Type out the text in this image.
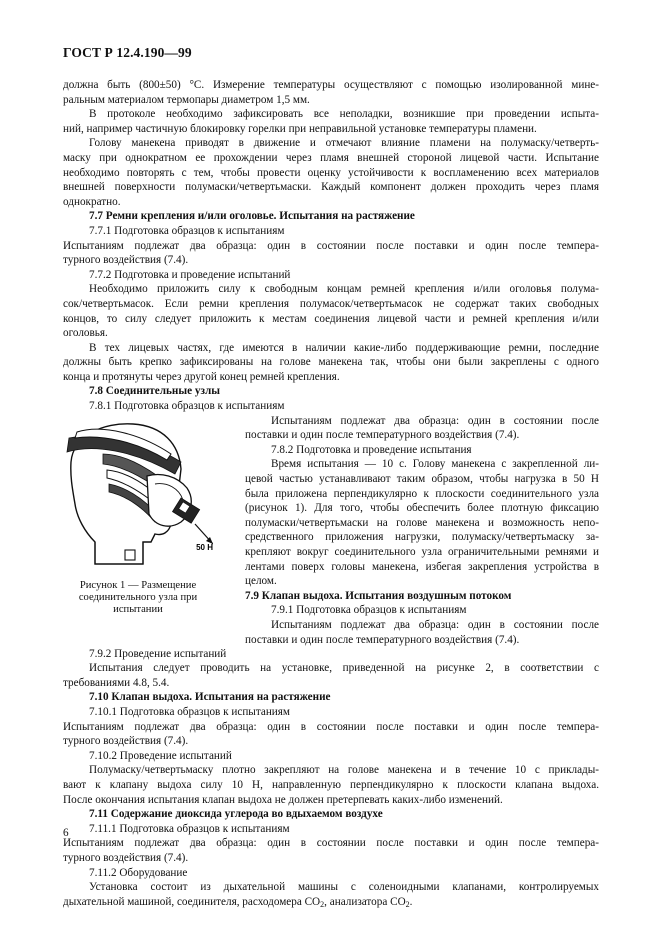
ГОСТ Р 12.4.190—99
должна быть (800±50) °С. Измерение температуры осуществляют с помощью изолированной мине-
ральным материалом термопары диаметром 1,5 мм.
В протоколе необходимо зафиксировать все неполадки, возникшие при проведении испыта-
ний, например частичную блокировку горелки при неправильной установке температуры пламени.
Голову манекена приводят в движение и отмечают влияние пламени на полумаску/четверть-
маску при однократном ее прохождении через пламя внешней стороной лицевой части. Испытание
необходимо повторять с тем, чтобы провести оценку устойчивости к воспламенению всех материалов
внешней поверхности полумаски/четвертьмаски. Каждый компонент должен проходить через пламя
однократно.
7.7 Ремни крепления и/или оголовье. Испытания на растяжение
7.7.1 Подготовка образцов к испытаниям
Испытаниям подлежат два образца: один в состоянии после поставки и один после темпера-
турного воздействия (7.4).
7.7.2 Подготовка и проведение испытаний
Необходимо приложить силу к свободным концам ремней крепления и/или оголовья полума-
сок/четвертьмасок. Если ремни крепления полумасок/четвертьмасок не содержат таких свободных
концов, то силу следует приложить к местам соединения лицевой части и ремней крепления и/или
оголовья.
В тех лицевых частях, где имеются в наличии какие-либо поддерживающие ремни, последние
должны быть крепко зафиксированы на голове манекена так, чтобы они были закреплены с одного
конца и протянуты через другой конец ремней крепления.
7.8 Соединительные узлы
7.8.1 Подготовка образцов к испытаниям
50 Н
Рисунок 1 — Размещение соединительного узла при испытании
Испытаниям подлежат два образца: один в состоянии после
поставки и один после температурного воздействия (7.4).
7.8.2 Подготовка и проведение испытания
Время испытания — 10 с. Голову манекена с закрепленной ли-
цевой частью устанавливают таким образом, чтобы нагрузка в 50 Н
была приложена перпендикулярно к плоскости соединительного узла
(рисунок 1). Для того, чтобы обеспечить более плотную фиксацию
полумаски/четвертьмаски на голове манекена и возможность непо-
средственного приложения нагрузки, полумаску/четвертьмаску за-
крепляют вокруг соединительного узла ограничительными ремнями и
лентами поверх головы манекена, избегая закрепления устройства в
целом.
7.9 Клапан выдоха. Испытания воздушным потоком
7.9.1 Подготовка образцов к испытаниям
Испытаниям подлежат два образца: один в состоянии после
поставки и один после температурного воздействия (7.4).
7.9.2 Проведение испытаний
Испытания следует проводить на установке, приведенной на рисунке 2, в соответствии с
требованиями 4.8, 5.4.
7.10 Клапан выдоха. Испытания на растяжение
7.10.1 Подготовка образцов к испытаниям
Испытаниям подлежат два образца: один в состоянии после поставки и один после темпера-
турного воздействия (7.4).
7.10.2 Проведение испытаний
Полумаску/четвертьмаску плотно закрепляют на голове манекена и в течение 10 с приклады-
вают к клапану выдоха силу 10 Н, направленную перпендикулярно к плоскости клапана выдоха.
После окончания испытания клапан выдоха не должен претерпевать каких-либо изменений.
7.11 Содержание диоксида углерода во вдыхаемом воздухе
7.11.1 Подготовка образцов к испытаниям
Испытаниям подлежат два образца: один в состоянии после поставки и один после темпера-
турного воздействия (7.4).
7.11.2 Оборудование
Установка состоит из дыхательной машины с соленоидными клапанами, контролируемых
дыхательной машиной, соединителя, расходомера $CO_2$, анализатора $CO_2$.
6
